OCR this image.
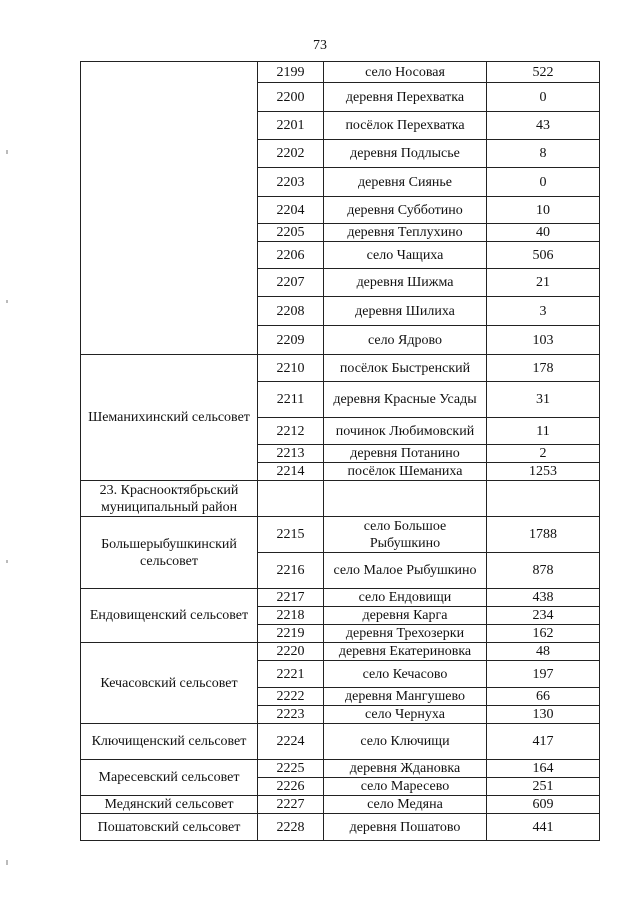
73
	2199	село Носовая	522
	2200	деревня Перехватка	0
	2201	посёлок Перехватка	43
	2202	деревня Подлысье	8
	2203	деревня Сиянье	0
	2204	деревня Субботино	10
	2205	деревня Теплухино	40
	2206	село Чащиха	506
	2207	деревня Шижма	21
	2208	деревня Шилиха	3
	2209	село Ядрово	103
Шеманихинский сельсовет	2210	посёлок Быстренский	178
	2211	деревня Красные Усады	31
	2212	починок Любимовский	11
	2213	деревня Потанино	2
	2214	посёлок Шеманиха	1253
23. Краснооктябрьский муниципальный район			
Большерыбушкинский сельсовет	2215	село Большое Рыбушкино	1788
	2216	село Малое Рыбушкино	878
Ендовищенский сельсовет	2217	село Ендовищи	438
	2218	деревня Карга	234
	2219	деревня Трехозерки	162
Кечасовский сельсовет	2220	деревня Екатериновка	48
	2221	село Кечасово	197
	2222	деревня Мангушево	66
	2223	село Чернуха	130
Ключищенский сельсовет	2224	село Ключищи	417
Маресевский сельсовет	2225	деревня Ждановка	164
	2226	село Маресево	251
Медянский сельсовет	2227	село Медяна	609
Пошатовский сельсовет	2228	деревня Пошатово	441
